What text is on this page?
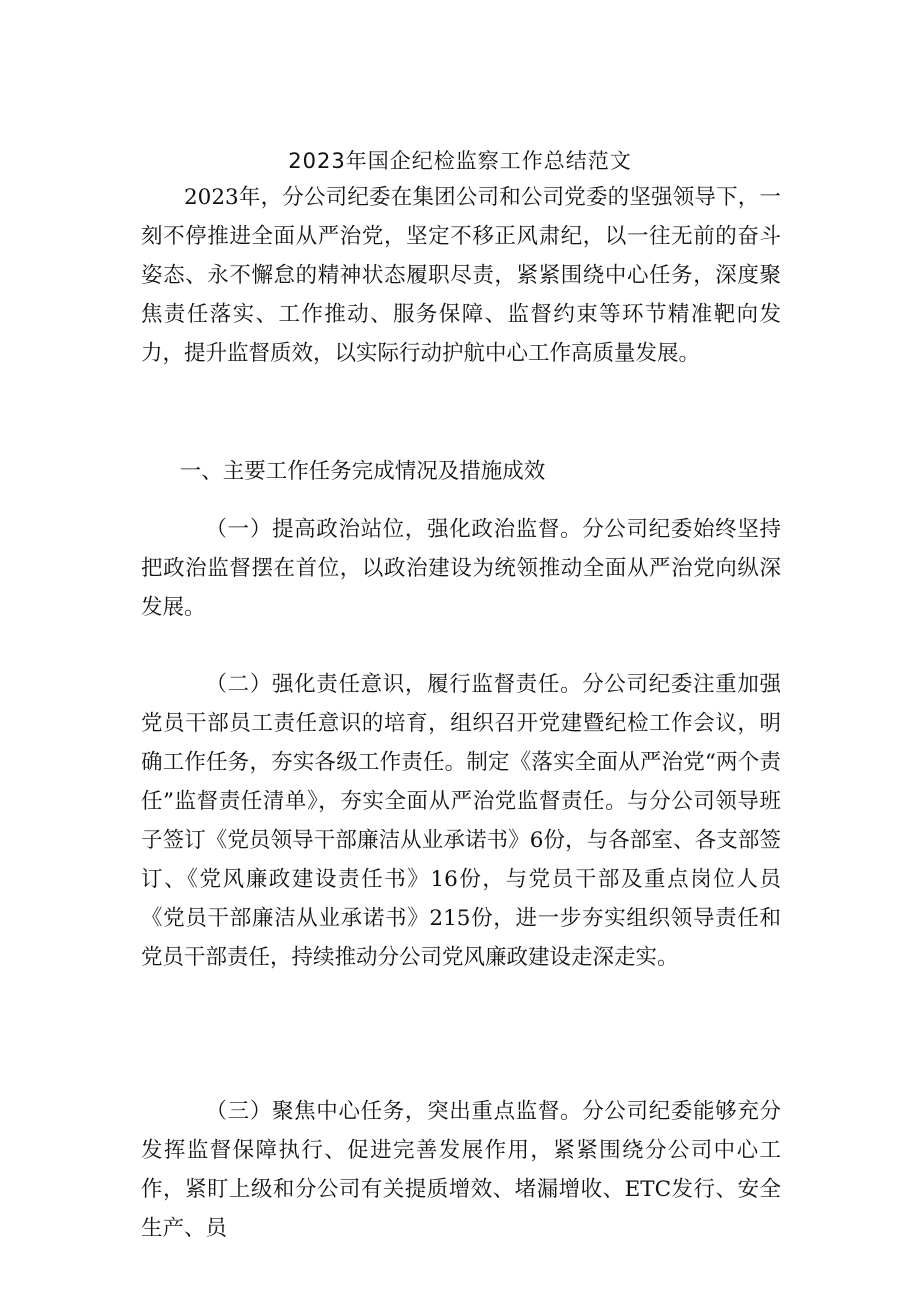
2023年国企纪检监察工作总结范文

2023年，分公司纪委在集团公司和公司党委的坚强领导下，一刻不停推进全面从严治党，坚定不移正风肃纪，以一往无前的奋斗姿态、永不懈怠的精神状态履职尽责，紧紧围绕中心任务，深度聚焦责任落实、工作推动、服务保障、监督约束等环节精准靶向发力，提升监督质效，以实际行动护航中心工作高质量发展。

一、主要工作任务完成情况及措施成效

（一）提高政治站位，强化政治监督。分公司纪委始终坚持把政治监督摆在首位，以政治建设为统领推动全面从严治党向纵深发展。

（二）强化责任意识，履行监督责任。分公司纪委注重加强党员干部员工责任意识的培育，组织召开党建暨纪检工作会议，明确工作任务，夯实各级工作责任。制定《落实全面从严治党“两个责任”监督责任清单》，夯实全面从严治党监督责任。与分公司领导班子签订《党员领导干部廉洁从业承诺书》6份，与各部室、各支部签订、《党风廉政建设责任书》16份，与党员干部及重点岗位人员《党员干部廉洁从业承诺书》215份，进一步夯实组织领导责任和党员干部责任，持续推动分公司党风廉政建设走深走实。

（三）聚焦中心任务，突出重点监督。分公司纪委能够充分发挥监督保障执行、促进完善发展作用，紧紧围绕分公司中心工作，紧盯上级和分公司有关提质增效、堵漏增收、ETC发行、安全生产、员
